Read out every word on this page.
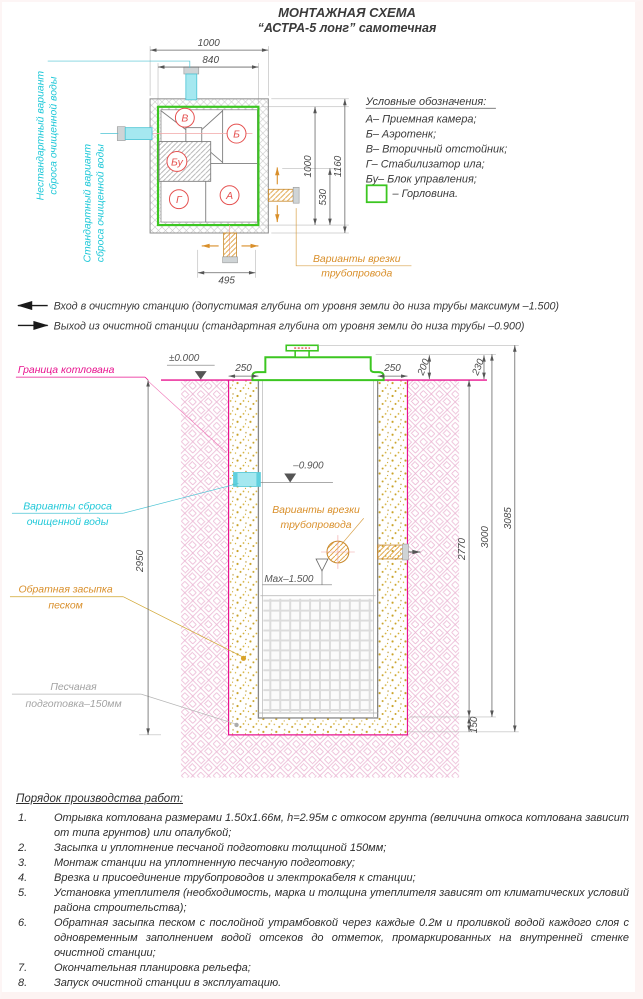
МОНТАЖНАЯ СХЕМА
“АСТРА-5 лонг” самотечная
В
Б
Бу
Г	А
1000
840
1000 1160
530
495
Варианты врезки
трубопровода
Нестандартный вариант сброса очищенной воды
Стандартный вариант сброса очищенной воды
Условные обозначения:
А– Приемная камера;
Б– Аэротенк;
В– Вторичный отстойник;
Г– Стабилизатор ила;
Бу– Блок управления;
– Горловина.
Вход в очистную станцию (допустимая глубина от уровня земли до низа трубы максимум –1.500)
Выход из очистной станции (стандартная глубина от уровня земли до низа трубы –0.900)
±0.000
–0.900
Max–1.500
Варианты сброса
очищенной воды
Варианты врезки
трубопровода
Обратная засыпка
песком
Песчаная
подготовка–150мм
Граница котлована
2950
2770
3000
3085
150
250	250 200	230
Порядок производства работ:
1.	Отрывка котлована размерами 1.50х1.66м, h=2.95м с откосом грунта (величина откоса котлована зависит от типа грунтов) или опалубкой;
2.	Засыпка и уплотнение песчаной подготовки толщиной 150мм;
3.	Монтаж станции на уплотненную песчаную подготовку;
4.	Врезка и присоединение трубопроводов и электрокабеля к станции;
5.	Установка утеплителя (необходимость, марка и толщина утеплителя зависят от климатических условий района строительства);
6.	Обратная засыпка песком с послойной утрамбовкой через каждые 0.2м и проливкой водой каждого слоя с одновременным заполнением водой отсеков до отметок, промаркированных на внутренней стенке очистной станции;
7.	Окончательная планировка рельефа;
8.	Запуск очистной станции в эксплуатацию.
